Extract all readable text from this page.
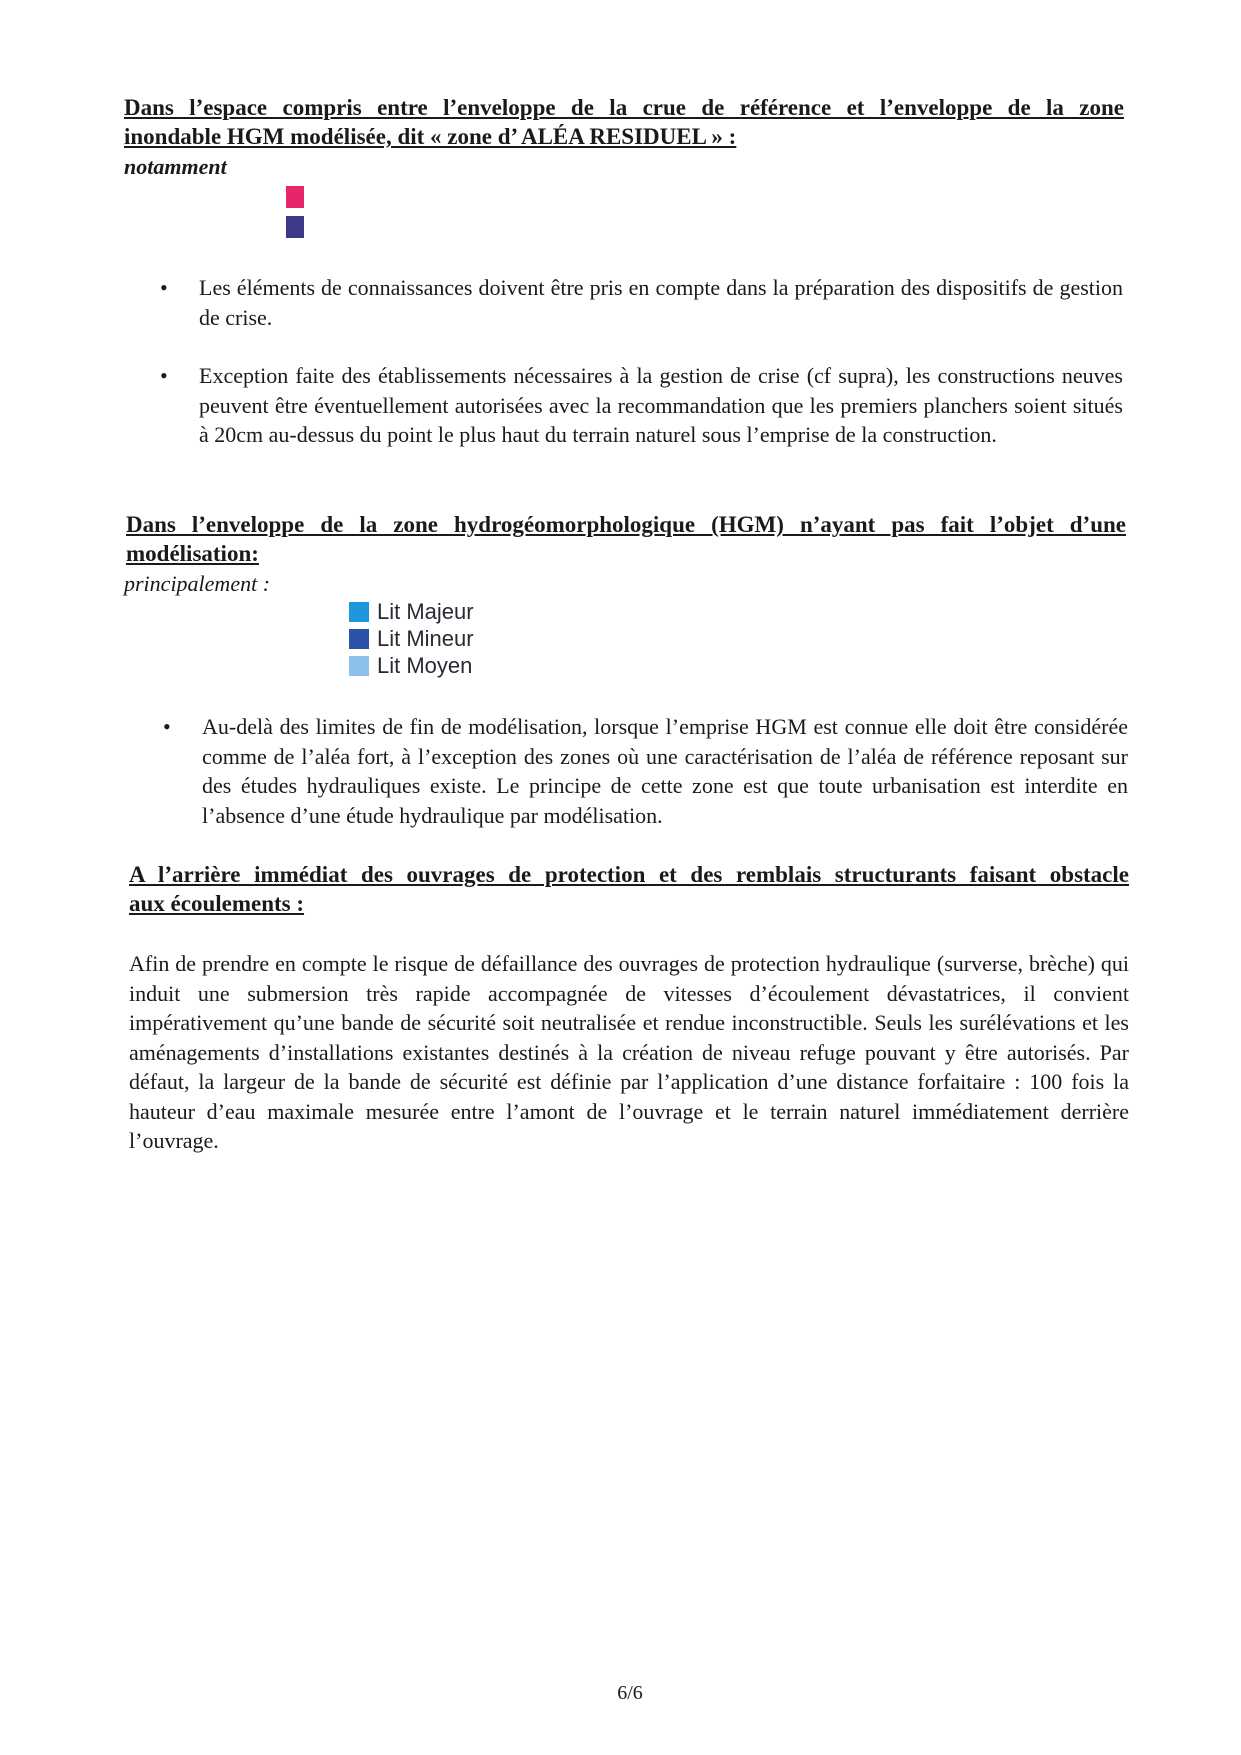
Dans l’espace compris entre l’enveloppe de la crue de référence et l’enveloppe de la zone
inondable HGM modélisée, dit « zone d’ ALÉA RESIDUEL » :
notamment
• Les éléments de connaissances doivent être pris en compte dans la préparation des dispositifs de gestion de crise.
• Exception faite des établissements nécessaires à la gestion de crise (cf supra), les constructions neuves peuvent être éventuellement autorisées avec la recommandation que les premiers planchers soient situés à 20cm au-dessus du point le plus haut du terrain naturel sous l’emprise de la construction.
Dans l’enveloppe de la zone hydrogéomorphologique (HGM) n’ayant pas fait l’objet d’une
modélisation:
principalement :
Lit Majeur
Lit Mineur
Lit Moyen
• Au-delà des limites de fin de modélisation, lorsque l’emprise HGM est connue elle doit être considérée comme de l’aléa fort, à l’exception des zones où une caractérisation de l’aléa de référence reposant sur des études hydrauliques existe. Le principe de cette zone est que toute urbanisation est interdite en l’absence d’une étude hydraulique par modélisation.
A l’arrière immédiat des ouvrages de protection et des remblais structurants faisant obstacle
aux écoulements :
Afin de prendre en compte le risque de défaillance des ouvrages de protection hydraulique (surverse, brèche) qui induit une submersion très rapide accompagnée de vitesses d’écoulement dévastatrices, il convient impérativement qu’une bande de sécurité soit neutralisée et rendue inconstructible. Seuls les surélévations et les aménagements d’installations existantes destinés à la création de niveau refuge pouvant y être autorisés. Par défaut, la largeur de la bande de sécurité est définie par l’application d’une distance forfaitaire : 100 fois la hauteur d’eau maximale mesurée entre l’amont de l’ouvrage et le terrain naturel immédiatement derrière l’ouvrage.
6/6
